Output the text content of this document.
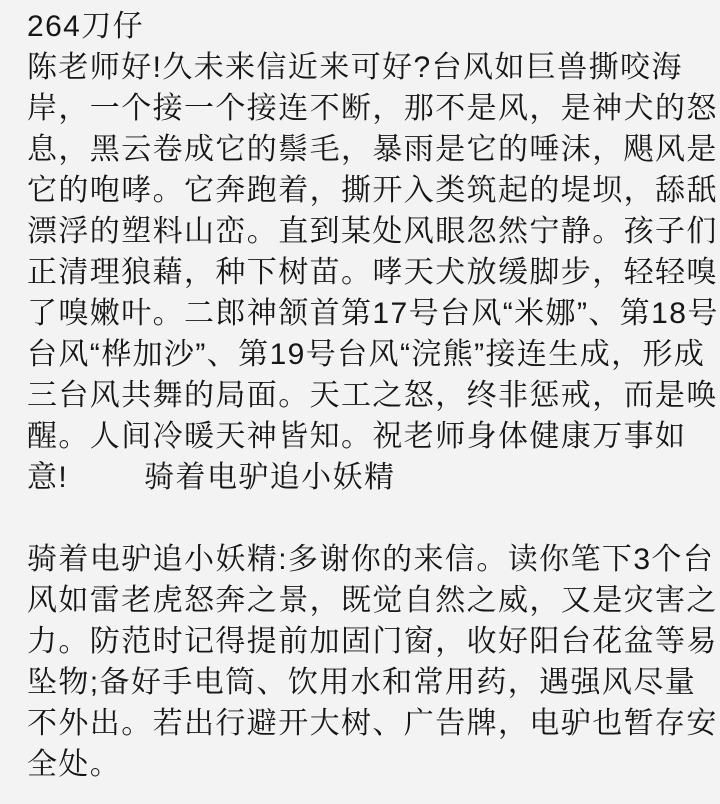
264刀仔
陈老师好!久未来信近来可好?台风如巨兽撕咬海
岸，一个接一个接连不断，那不是风，是神犬的怒
息，黑云卷成它的鬃毛，暴雨是它的唾沫，飓风是
它的咆哮。它奔跑着，撕开入类筑起的堤坝，舔舐
漂浮的塑料山峦。直到某处风眼忽然宁静。孩子们
正清理狼藉，种下树苗。哮天犬放缓脚步，轻轻嗅
了嗅嫩叶。二郎神颔首第17号台风“米娜”、第18号
台风“桦加沙”、第19号台风“浣熊”接连生成，形成
三台风共舞的局面。天工之怒，终非惩戒，而是唤
醒。人间冷暖天神皆知。祝老师身体健康万事如
意!	骑着电驴追小妖精
骑着电驴追小妖精:多谢你的来信。读你笔下3个台
风如雷老虎怒奔之景，既觉自然之威，又是灾害之
力。防范时记得提前加固门窗，收好阳台花盆等易
坠物;备好手电筒、饮用水和常用药，遇强风尽量
不外出。若出行避开大树、广告牌，电驴也暂存安
全处。
